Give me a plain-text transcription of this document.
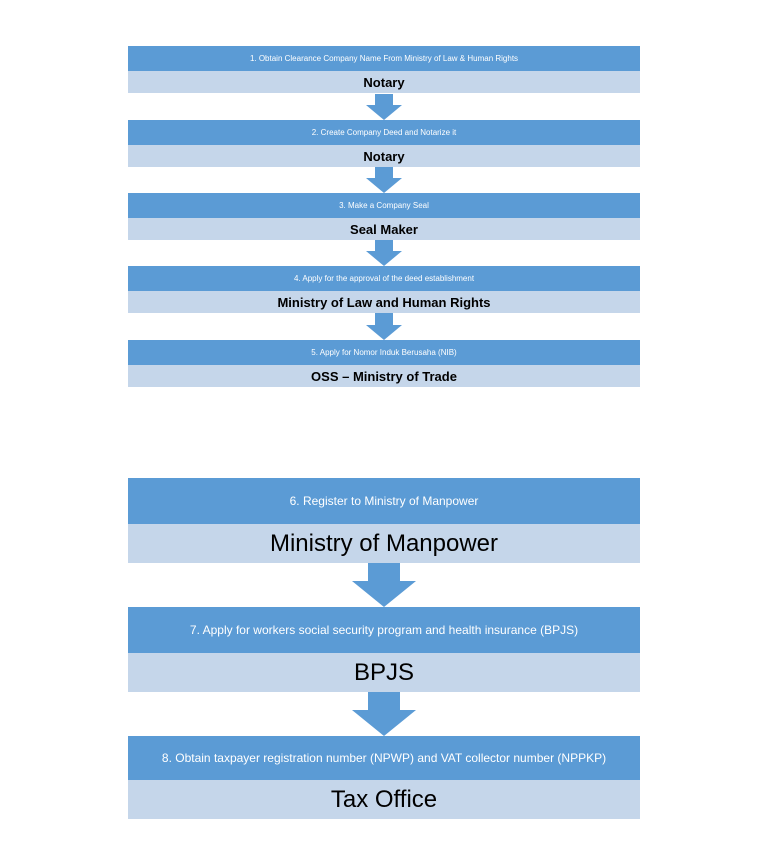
1. Obtain Clearance Company Name From Ministry of Law & Human Rights
Notary
2. Create Company Deed and Notarize it
Notary
3. Make a Company Seal
Seal Maker
4. Apply for the approval of the deed establishment
Ministry of Law and Human Rights
5. Apply for Nomor Induk Berusaha (NIB)
OSS – Ministry of Trade
6. Register to Ministry of Manpower
Ministry of Manpower
7. Apply for workers social security program and health insurance (BPJS)
BPJS
8. Obtain taxpayer registration number (NPWP) and VAT collector number (NPPKP)
Tax Office
